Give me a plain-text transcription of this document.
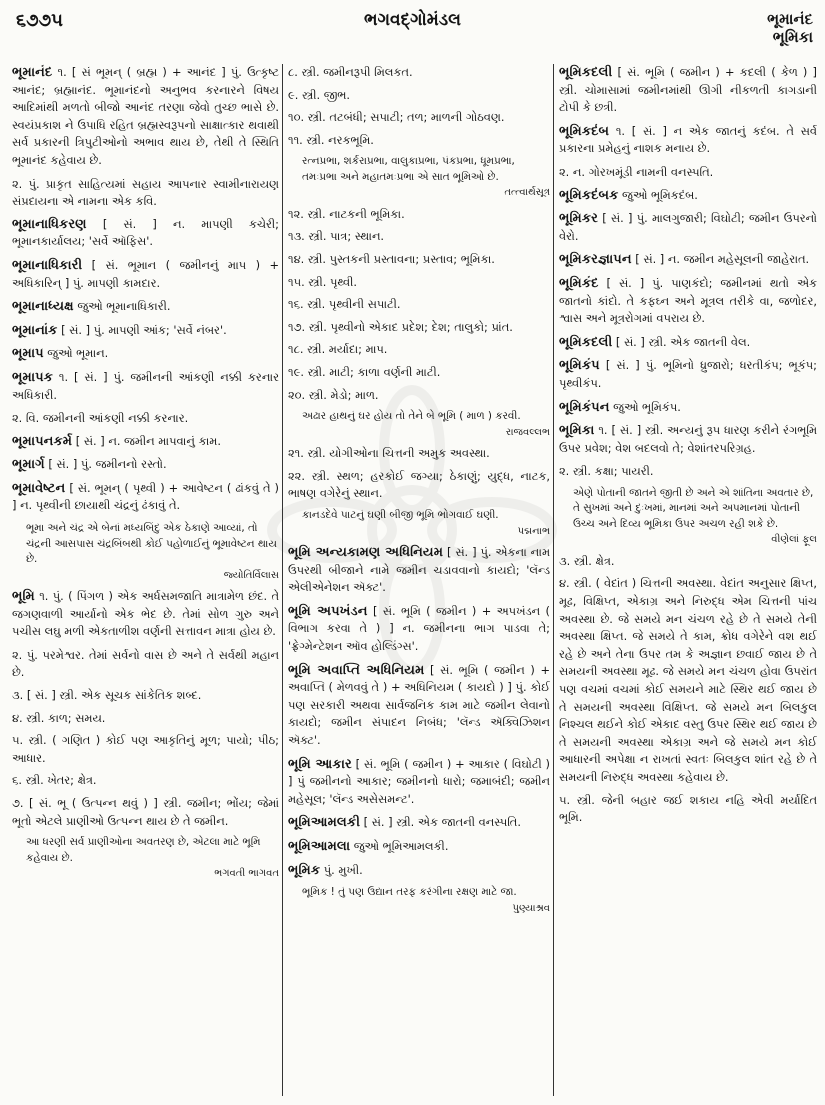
૬૭૭૫	ભગવદ્ગોમંડલ	ભૂમાનંદ
ભૂમિકા
ભૂમાનંદ ૧. [ સં ભૂમન્ ( બ્રહ્મ ) + આનંદ ] પું. ઉત્કૃષ્ટ આનંદ; બ્રહ્માનંદ. ભૂમાનંદનો અનુભવ કરનારને વિષય આદિમાંથી મળતો બીજો આનંદ તરણા જેવો તુચ્છ ભાસે છે. સ્વયંપ્રકાશ ને ઉપાધિ રહિત બ્રહ્મસ્વરૂપનો સાક્ષાત્કાર થવાથી સર્વ પ્રકારની ત્રિપુટીઓનો અભાવ થાય છે, તેથી તે સ્થિતિ ભૂમાનંદ કહેવાય છે.
૨. પું. પ્રાકૃત સાહિત્યમાં સહાય આપનાર સ્વામીનારાયણ સંપ્રદાયના એ નામના એક કવિ.
ભૂમાનાધિકરણ [ સં. ] ન. માપણી કચેરી; ભૂમાનકાર્યાલય; 'સર્વે ઑફિસ'.
ભૂમાનાધિકારી [ સં. ભૂમાન ( જમીનનું માપ ) + અધિકારિન્ ] પું. માપણી કામદાર.
ભૂમાનાધ્યક્ષ જુઓ ભૂમાનાધિકારી.
ભૂમાનાંક [ સં. ] પું. માપણી આંક; 'સર્વે નંબર'.
ભૂમાપ જુઓ ભૂમાન.
ભૂમાપક ૧. [ સં. ] પું. જમીનની આંકણી નક્કી કરનાર અધિકારી.
૨. વિ. જમીનની આંકણી નક્કી કરનાર.
ભૂમાપનકર્મ [ સં. ] ન. જમીન માપવાનું કામ.
ભૂમાર્ગ [ સં. ] પું. જમીનનો રસ્તો.
ભૂમાવેષ્ટન [ સં. ભૂમન્ ( પૃથ્વી ) + આવેષ્ટન ( ઢાંકવું તે ) ] ન. પૃથ્વીની છાયાથી ચંદ્રનું ઢંકાવું તે.
ભૂમા અને ચંદ્ર એ બેનાં મધ્યબિંદુ એક ઠેકાણે આવ્યાં, તો ચંદ્રની આસપાસ ચંદ્રબિંબથી કોઈ પહોળાઈનું ભૂમાવેષ્ટન થાય છે.
જ્યોતિર્વિલાસ
ભૂમિ ૧. પું. ( પિંગળ ) એક અર્ધસમજાતિ માત્રામેળ છંદ. તે જગણવાળી આર્યાનો એક ભેદ છે. તેમાં સોળ ગુરુ અને પચીસ લઘુ મળી એકતાળીશ વર્ણની સત્તાવન માત્રા હોય છે.
૨. પું. પરમેશ્વર. તેમાં સર્વનો વાસ છે અને તે સર્વથી મહાન છે.
૩. [ સં. ] સ્ત્રી. એક સૂચક સાંકેતિક શબ્દ.
૪. સ્ત્રી. કાળ; સમય.
૫. સ્ત્રી. ( ગણિત ) કોઈ પણ આકૃતિનું મૂળ; પાયો; પીઠ; આધાર.
૬. સ્ત્રી. ખેતર; ક્ષેત્ર.
૭. [ સં. ભૂ ( ઉત્પન્ન થવું ) ] સ્ત્રી. જમીન; ભોંય; જેમાં ભૂતો એટલે પ્રાણીઓ ઉત્પન્ન થાય છે તે જમીન.
આ ધરણી સર્વ પ્રાણીઓના અવતરણ છે, એટલા માટે ભૂમિ કહેવાય છે.
ભગવતી ભાગવત
૮. સ્ત્રી. જમીનરૂપી મિલકત.
૯. સ્ત્રી. જીભ.
૧૦. સ્ત્રી. તટબંધી; સપાટી; તળ; માળની ગોઠવણ.
૧૧. સ્ત્રી. નરકભૂમિ.
રત્નપ્રભા, શર્કરાપ્રભા, વાલુકાપ્રભા, પંકપ્રભા, ધૂમપ્રભા, તમઃપ્રભા અને મહાતમઃપ્રભા એ સાત ભૂમિઓ છે.
તત્ત્વાર્થસૂત્ર
૧૨. સ્ત્રી. નાટકની ભૂમિકા.
૧૩. સ્ત્રી. પાત્ર; સ્થાન.
૧૪. સ્ત્રી. પુસ્તકની પ્રસ્તાવના; પ્રસ્તાવ; ભૂમિકા.
૧૫. સ્ત્રી. પૃથ્વી.
૧૬. સ્ત્રી. પૃથ્વીની સપાટી.
૧૭. સ્ત્રી. પૃથ્વીનો એકાદ પ્રદેશ; દેશ; તાલુકો; પ્રાંત.
૧૮. સ્ત્રી. મર્યાદા; માપ.
૧૯. સ્ત્રી. માટી; કાળા વર્ણની માટી.
૨૦. સ્ત્રી. મેડો; માળ.
અઢાર હાથનું ઘર હોય તો તેને બે ભૂમિ ( માળ ) કરવી.
રાજવલ્લભ
૨૧. સ્ત્રી. યોગીઓના ચિત્તની અમુક અવસ્થા.
૨૨. સ્ત્રી. સ્થળ; હરકોઈ જગ્યા; ઠેકાણું; યુદ્ધ, નાટક, ભાષણ વગેરેનું સ્થાન.
કાનડદેવે પાટનું ઘણી બીજી ભૂમિ ભોગવાઈ ઘણી.
પદ્મનાભ
ભૂમિ અન્યકામણ અધિનિયમ [ સં. ] પું. એકના નામ ઉપરથી બીજાને નામે જમીન ચડાવવાનો કાયદો; 'લૅન્ડ એલીએનેશન ઍક્ટ'.
ભૂમિ અપખંડન [ સં. ભૂમિ ( જમીન ) + અપખંડન ( વિભાગ કરવા તે ) ] ન. જમીનના ભાગ પાડવા તે; 'ફ્રેગ્મેન્ટેશન ઑવ હોલ્ડિંગ્સ'.
ભૂમિ અવાપ્તિ અધિનિયમ [ સં. ભૂમિ ( જમીન ) + અવાપ્તિ ( મેળવવું તે ) + અધિનિયમ ( કાયદો ) ] પું. કોઈ પણ સરકારી અથવા સાર્વજનિક કામ માટે જમીન લેવાનો કાયદો; જમીન સંપાદન નિબંધ; 'લૅન્ડ ઍક્વિઝિશન ઍક્ટ'.
ભૂમિ આકાર [ સં. ભૂમિ ( જમીન ) + આકાર ( વિઘોટી ) ] પું જમીનનો આકાર; જમીનનો ધારો; જમાબંદી; જમીન મહેસૂલ; 'લૅન્ડ અસેસમન્ટ'.
ભૂમિઆમલકી [ સં. ] સ્ત્રી. એક જાતની વનસ્પતિ.
ભૂમિઆમલા જુઓ ભૂમિઆમલકી.
ભૂમિક પું. મુખી.
ભૂમિક ! તું પણ ઉદ્યાન તરફ કરંગીના રક્ષણ માટે જા.
પુણ્યાશ્રવ
ભૂમિકદલી [ સં. ભૂમિ ( જમીન ) + કદલી ( કેળ ) ] સ્ત્રી. ચોમાસામાં જમીનમાંથી ઊગી નીકળતી કાગડાની ટોપી કે છત્રી.
ભૂમિકદંબ ૧. [ સં. ] ન એક જાતનું કદંબ. તે સર્વ પ્રકારના પ્રમેહનું નાશક મનાય છે.
૨. ન. ગોરખમૂંડી નામની વનસ્પતિ.
ભૂમિકદંબક જુઓ ભૂમિકદંબ.
ભૂમિકર [ સં. ] પું. માલગુજારી; વિઘોટી; જમીન ઉપરનો વેરો.
ભૂમિકરજ્ઞાપન [ સં. ] ન. જમીન મહેસૂલની જાહેરાત.
ભૂમિકંદ [ સં. ] પું. પાણકંદો; જમીનમાં થતો એક જાતનો કાંદો. તે કફઘ્ન અને મૂત્રલ તરીકે વા, જળોદર, શ્વાસ અને મૂત્રરોગમાં વપરાય છે.
ભૂમિકદલી [ સં. ] સ્ત્રી. એક જાતની વેલ.
ભૂમિકંપ [ સં. ] પું. ભૂમિનો ધ્રુજારો; ધરતીકંપ; ભૂકંપ; પૃથ્વીકંપ.
ભૂમિકંપન જુઓ ભૂમિકંપ.
ભૂમિકા ૧. [ સં. ] સ્ત્રી. અન્યનું રૂપ ધારણ કરીને રંગભૂમિ ઉપર પ્રવેશ; વેશ બદલવો તે; વેશાંતરપરિગ્રહ.
૨. સ્ત્રી. કક્ષા; પાયરી.
એણે પોતાની જાતને જીતી છે અને એ શાંતિના અવતાર છે, તે સુખમાં અને દુઃખમાં, માનમાં અને અપમાનમાં પોતાની ઉચ્ચ અને દિવ્ય ભૂમિકા ઉપર અચળ રહી શકે છે.
વીણેલાં ફૂલ
૩. સ્ત્રી. ક્ષેત્ર.
૪. સ્ત્રી. ( વેદાંત ) ચિત્તની અવસ્થા. વેદાંત અનુસાર ક્ષિપ્ત, મૂઢ, વિક્ષિપ્ત, એકાગ્ર અને નિરુદ્ધ એમ ચિત્તની પાંચ અવસ્થા છે. જે સમયે મન ચંચળ રહે છે તે સમયે તેની અવસ્થા ક્ષિપ્ત. જે સમયે તે કામ, ક્રોધ વગેરેને વશ થઈ રહે છે અને તેના ઉપર તમ કે અજ્ઞાન છવાઈ જાય છે તે સમયની અવસ્થા મૂઢ. જે સમયે મન ચંચળ હોવા ઉપરાંત પણ વચમાં વચમાં કોઈ સમયને માટે સ્થિર થઈ જાય છે તે સમયની અવસ્થા વિક્ષિપ્ત. જે સમયે મન બિલકુલ નિશ્ચલ થઈને કોઈ એકાદ વસ્તુ ઉપર સ્થિર થઈ જાય છે તે સમયની અવસ્થા એકાગ્ર અને જે સમયે મન કોઈ આધારની અપેક્ષા ન રાખતાં સ્વતઃ બિલકુલ શાંત રહે છે તે સમયની નિરુદ્ધ અવસ્થા કહેવાય છે.
૫. સ્ત્રી. જેની બહાર જઈ શકાય નહિ એવી મર્યાદિત ભૂમિ.
